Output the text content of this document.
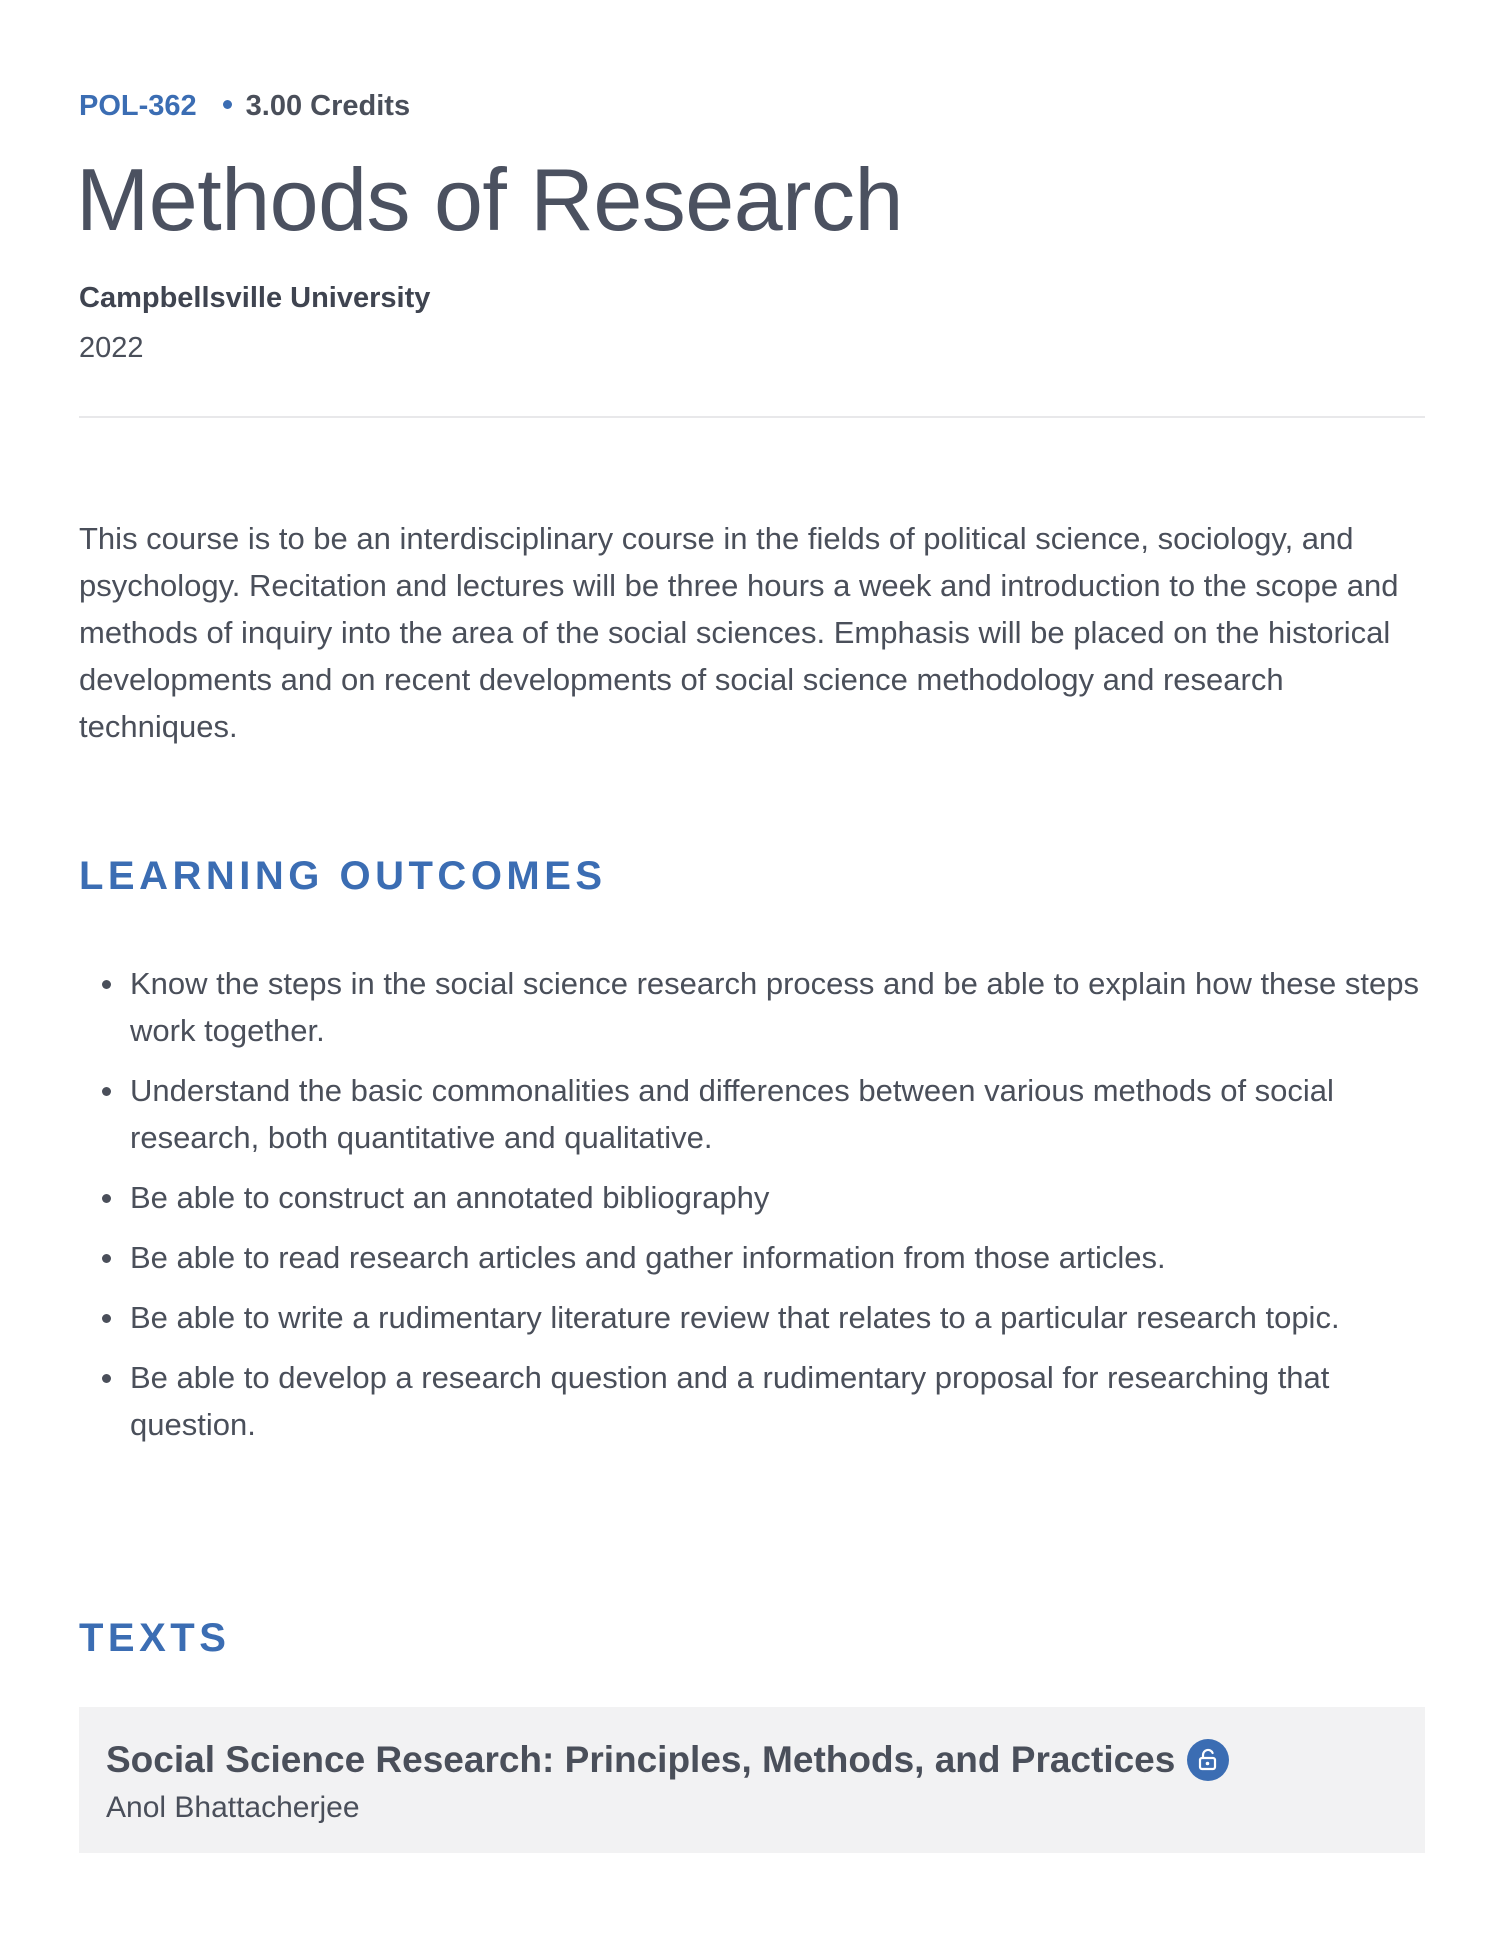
POL-362 3.00 Credits
Methods of Research
Campbellsville University
2022

This course is to be an interdisciplinary course in the fields of political science, sociology, and psychology. Recitation and lectures will be three hours a week and introduction to the scope and methods of inquiry into the area of the social sciences. Emphasis will be placed on the historical developments and on recent developments of social science methodology and research techniques.

LEARNING OUTCOMES
Know the steps in the social science research process and be able to explain how these steps work together.
Understand the basic commonalities and differences between various methods of social research, both quantitative and qualitative.
Be able to construct an annotated bibliography
Be able to read research articles and gather information from those articles.
Be able to write a rudimentary literature review that relates to a particular research topic.
Be able to develop a research question and a rudimentary proposal for researching that question.
TEXTS
Social Science Research: Principles, Methods, and Practices
Anol Bhattacherjee
